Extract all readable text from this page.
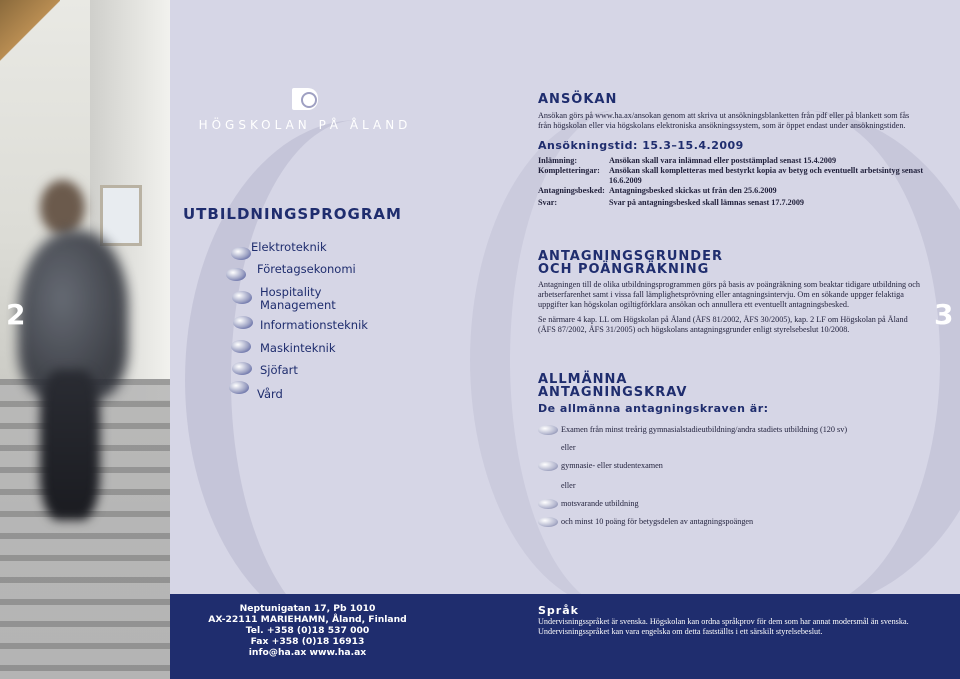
HÖGSKOLAN PÅ ÅLAND
UTBILDNINGSPROGRAM
Elektroteknik
Företagsekonomi
Hospitality
Management
Informationsteknik
Maskinteknik
Sjöfart
Vård
2	3
ANSÖKAN
Ansökan görs på www.ha.ax/ansokan genom att skriva ut ansökningsblanketten från pdf eller på blankett som fås från högskolan eller via högskolans elektroniska ansökningssystem, som är öppet endast under ansökningstiden.
Ansökningstid: 15.3–15.4.2009
Inlämning:	Ansökan skall vara inlämnad eller poststämplad senast 15.4.2009
Kompletteringar: Ansökan skall kompletteras med bestyrkt kopia av betyg och eventuellt arbetsintyg senast 16.6.2009
Antagningsbesked: Antagningsbesked skickas ut från den 25.6.2009
Svar:	Svar på antagningsbesked skall lämnas senast 17.7.2009
ANTAGNINGSGRUNDER
OCH POÄNGRÄKNING
Antagningen till de olika utbildningsprogrammen görs på basis av poängräkning som beaktar tidigare utbildning och arbetserfarenhet samt i vissa fall lämplighetsprövning eller antagningsintervju. Om en sökande uppger felaktiga uppgifter kan högskolan ogiltigförklara ansökan och annullera ett eventuellt antagningsbesked.
Se närmare 4 kap. LL om Högskolan på Åland (ÅFS 81/2002, ÅFS 30/2005), kap. 2 LF om Högskolan på Åland (ÅFS 87/2002, ÅFS 31/2005) och högskolans antagningsgrunder enligt styrelsebeslut 10/2008.
ALLMÄNNA
ANTAGNINGSKRAV
De allmänna antagningskraven är:
Examen från minst treårig gymnasialstadieutbildning/andra stadiets utbildning (120 sv)
eller
gymnasie- eller studentexamen
eller
motsvarande utbildning
och minst 10 poäng för betygsdelen av antagningspoängen
Neptunigatan 17, Pb 1010
AX-22111 MARIEHAMN, Åland, Finland
Tel. +358 (0)18 537 000
Fax +358 (0)18 16913
info@ha.ax www.ha.ax
Språk
Undervisningsspråket är svenska. Högskolan kan ordna språkprov för dem som har annat modersmål än svenska. Undervisningsspråket kan vara engelska om detta fastställts i ett särskilt styrelsebeslut.
